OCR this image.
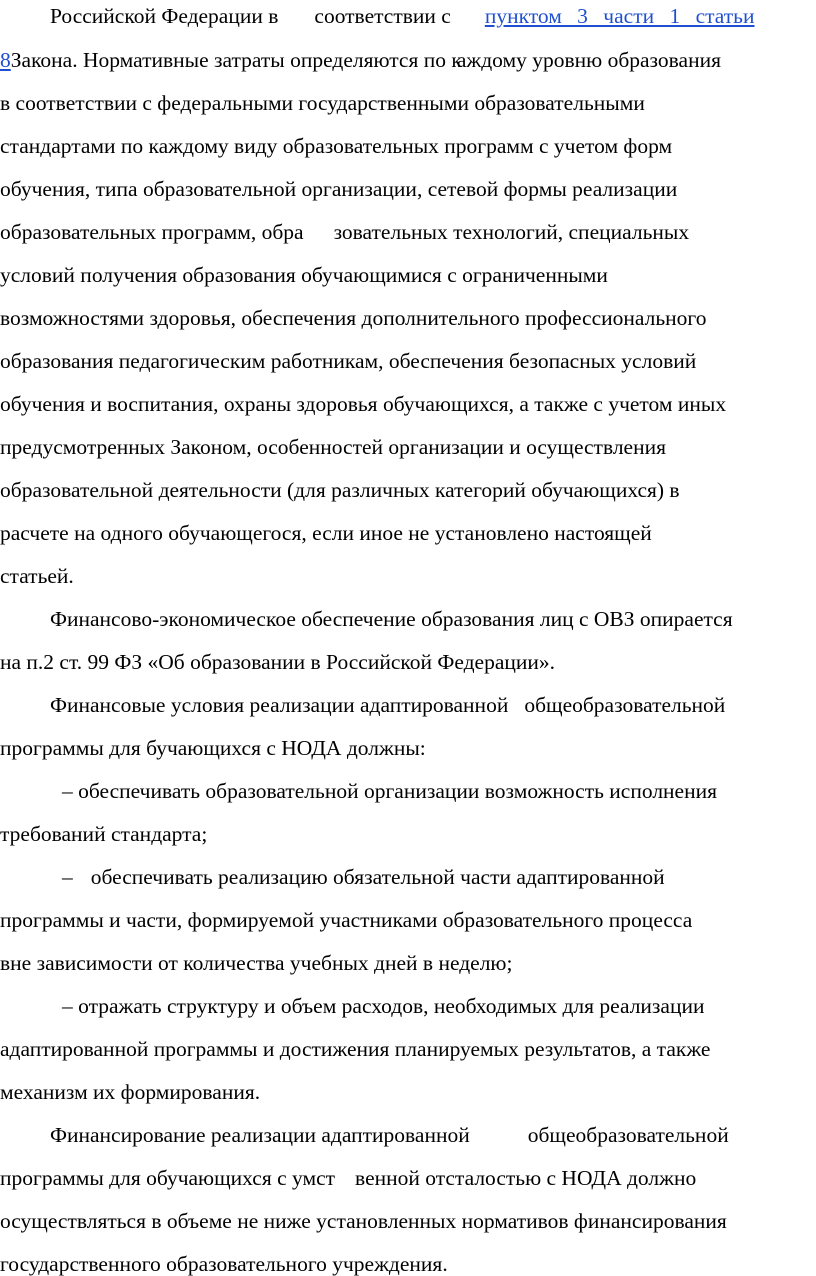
Российской Федерации в соответствии с пунктом 3 части 1 статьи
8Закона. Нормативные затраты определяются по каждому уровню образования
в соответствии с федеральными государственными образовательными
стандартами по каждому виду образовательных программ с учетом форм
обучения, типа образовательной организации, сетевой формы реализации
образовательных программ, обра зовательных технологий, специальных
условий получения образования обучающимися с ограниченными
возможностями здоровья, обеспечения дополнительного профессионального
образования педагогическим работникам, обеспечения безопасных условий
обучения и воспитания, охраны здоровья обучающихся, а также с учетом иных
предусмотренных Законом, особенностей организации и осуществления
образовательной деятельности (для различных категорий обучающихся) в
расчете на одного обучающегося, если иное не установлено настоящей
статьей.
Финансово-экономическое обеспечение образования лиц с ОВЗ опирается
на п.2 ст. 99 ФЗ «Об образовании в Российской Федерации».
Финансовые условия реализации адаптированной общеобразовательной
программы для бучающихся с НОДА должны:
– обеспечивать образовательной организации возможность исполнения
требований стандарта;
– обеспечивать реализацию обязательной части адаптированной
программы и части, формируемой участниками образовательного процесса
вне зависимости от количества учебных дней в неделю;
– отражать структуру и объем расходов, необходимых для реализации
адаптированной программы и достижения планируемых результатов, а также
механизм их формирования.
Финансирование реализации адаптированной	общеобразовательной
программы для обучающихся с умст венной отсталостью с НОДА должно
осуществляться в объеме не ниже установленных нормативов финансирования
государственного образовательного учреждения.
